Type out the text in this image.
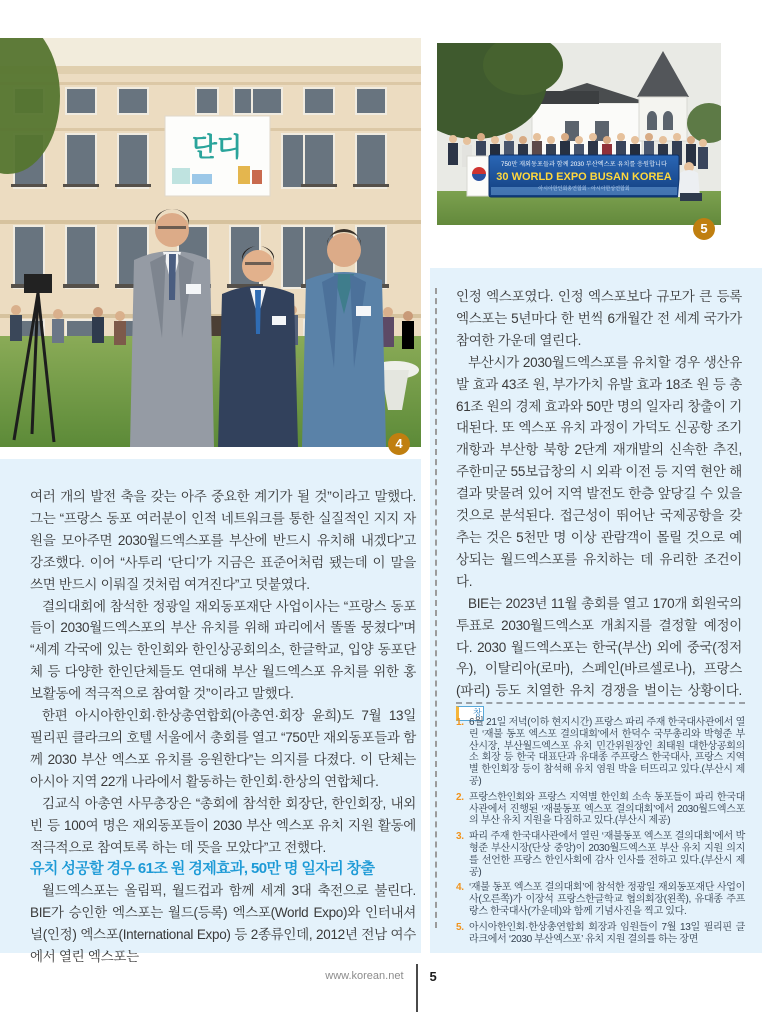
단디
4
750만 재외동포들과 함께 2030 부산엑스포 유치를 응원합니다
30 WORLD EXPO BUSAN KOREA
아시아한인회총연합회 · 아시아한상연합회
5

여러 개의 발전 축을 갖는 아주 중요한 계기가 될 것”이라고 말했다. 그는 “프랑스 동포 여러분이 인적 네트워크를 통한 실질적인 지지 자원을 모아주면 2030월드엑스포를 부산에 반드시 유치해 내겠다”고 강조했다. 이어 “사투리 ‘단디’가 지금은 표준어처럼 됐는데 이 말을 쓰면 반드시 이뤄질 것처럼 여겨진다”고 덧붙였다.

결의대회에 참석한 정광일 재외동포재단 사업이사는 “프랑스 동포들이 2030월드엑스포의 부산 유치를 위해 파리에서 똘똘 뭉쳤다”며 “세계 각국에 있는 한인회와 한인상공회의소, 한글학교, 입양 동포단체 등 다양한 한인단체들도 연대해 부산 월드엑스포 유치를 위한 홍보활동에 적극적으로 참여할 것”이라고 말했다.

한편 아시아한인회·한상총연합회(아총연·회장 윤희)도 7월 13일 필리핀 클라크의 호텔 서울에서 총회를 열고 “750만 재외동포들과 함께 2030 부산 엑스포 유치를 응원한다”는 의지를 다졌다. 이 단체는 아시아 지역 22개 나라에서 활동하는 한인회·한상의 연합체다.

김교식 아총연 사무총장은 “총회에 참석한 회장단, 한인회장, 내외빈 등 100여 명은 재외동포들이 2030 부산 엑스포 유치 지원 활동에 적극적으로 참여토록 하는 데 뜻을 모았다”고 전했다.

유치 성공할 경우 61조 원 경제효과, 50만 명 일자리 창출

월드엑스포는 올림픽, 월드컵과 함께 세계 3대 축전으로 불린다. BIE가 승인한 엑스포는 월드(등록) 엑스포(World Expo)와 인터내셔널(인정) 엑스포(International Expo) 등 2종류인데, 2012년 전남 여수에서 열린 엑스포는

인정 엑스포였다. 인정 엑스포보다 규모가 큰 등록 엑스포는 5년마다 한 번씩 6개월간 전 세계 국가가 참여한 가운데 열린다.

부산시가 2030월드엑스포를 유치할 경우 생산유발 효과 43조 원, 부가가치 유발 효과 18조 원 등 총 61조 원의 경제 효과와 50만 명의 일자리 창출이 기대된다. 또 엑스포 유치 과정이 가덕도 신공항 조기 개항과 부산항 북항 2단계 재개발의 신속한 추진, 주한미군 55보급창의 시 외곽 이전 등 지역 현안 해결과 맞물려 있어 지역 발전도 한층 앞당길 수 있을 것으로 분석된다. 접근성이 뛰어난 국제공항을 갖추는 것은 5천만 명 이상 관람객이 몰릴 것으로 예상되는 월드엑스포를 유치하는 데 유리한 조건이다.

BIE는 2023년 11월 총회를 열고 170개 회원국의 투표로 2030월드엑스포 개최지를 결정할 예정이다. 2030 월드엑스포는 한국(부산) 외에 중국(정저우), 이탈리아(로마), 스페인(바르셀로나), 프랑스(파리) 등도 치열한 유치 경쟁을 벌이는 상황이다. 창

1. 6월 21일 저녁(이하 현지시간) 프랑스 파리 주재 한국대사관에서 열린 ‘재불 동포 엑스포 결의대회’에서 한덕수 국무총리와 박형준 부산시장, 부산월드엑스포 유치 민간위원장인 최태원 대한상공회의소 회장 등 한국 대표단과 유대종 주프랑스 한국대사, 프랑스 지역별 한인회장 등이 참석해 유치 염원 박을 터뜨리고 있다.(부산시 제공)
2. 프랑스한인회와 프랑스 지역별 한인회 소속 동포들이 파리 한국대사관에서 진행된 ‘재불동포 엑스포 결의대회’에서 2030월드엑스포의 부산 유치 지원을 다짐하고 있다.(부산시 제공)
3. 파리 주재 한국대사관에서 열린 ‘재불동포 엑스포 결의대회’에서 박형준 부산시장(단상 중앙)이 2030월드엑스포 부산 유치 지원 의지를 선언한 프랑스 한인사회에 감사 인사를 전하고 있다.(부산시 제공)
4. ‘재불 동포 엑스포 결의대회’에 참석한 정광일 재외동포재단 사업이사(오른쪽)가 이장석 프랑스한글학교 협의회장(왼쪽), 유대종 주프랑스 한국대사(가운데)와 함께 기념사진을 찍고 있다.
5. 아시아한인회·한상총연합회 회장과 임원들이 7월 13일 필리핀 클라크에서 ‘2030 부산엑스포’ 유치 지원 결의를 하는 장면
www.korean.net 5
